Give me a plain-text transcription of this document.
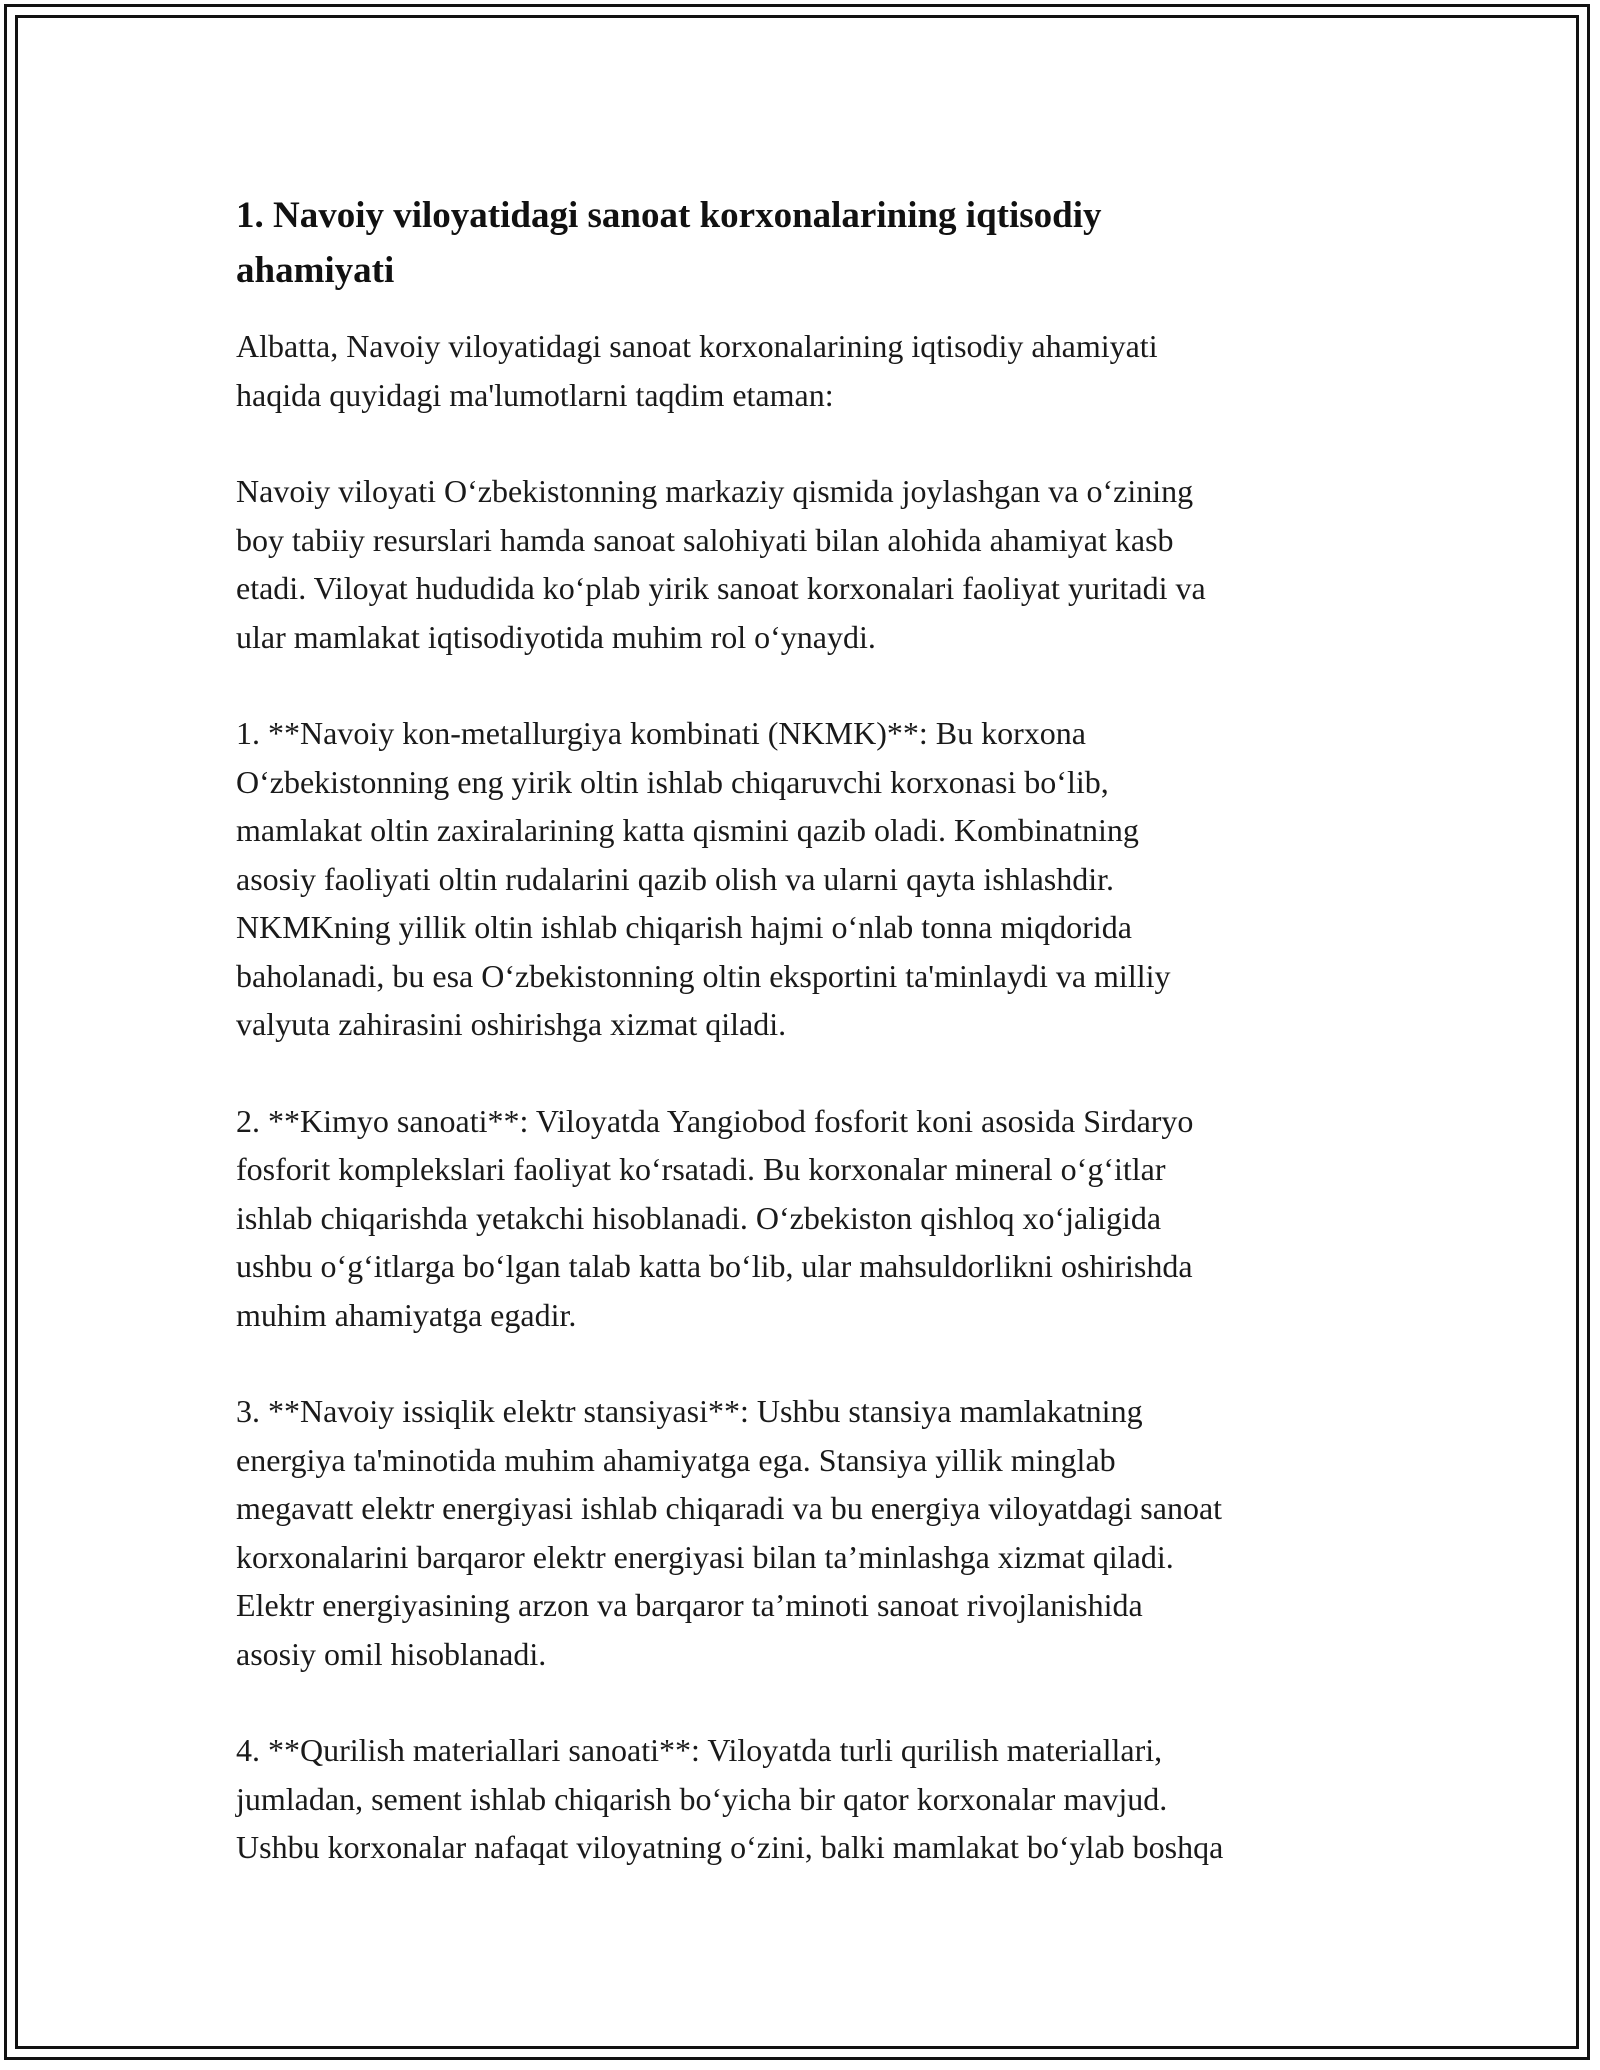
1. Navoiy viloyatidagi sanoat korxonalarining iqtisodiy
ahamiyati

Albatta, Navoiy viloyatidagi sanoat korxonalarining iqtisodiy ahamiyati
haqida quyidagi ma'lumotlarni taqdim etaman:

Navoiy viloyati O‘zbekistonning markaziy qismida joylashgan va o‘zining
boy tabiiy resurslari hamda sanoat salohiyati bilan alohida ahamiyat kasb
etadi. Viloyat hududida ko‘plab yirik sanoat korxonalari faoliyat yuritadi va
ular mamlakat iqtisodiyotida muhim rol o‘ynaydi.

1. **Navoiy kon-metallurgiya kombinati (NKMK)**: Bu korxona
O‘zbekistonning eng yirik oltin ishlab chiqaruvchi korxonasi bo‘lib,
mamlakat oltin zaxiralarining katta qismini qazib oladi. Kombinatning
asosiy faoliyati oltin rudalarini qazib olish va ularni qayta ishlashdir.
NKMKning yillik oltin ishlab chiqarish hajmi o‘nlab tonna miqdorida
baholanadi, bu esa O‘zbekistonning oltin eksportini ta'minlaydi va milliy
valyuta zahirasini oshirishga xizmat qiladi.

2. **Kimyo sanoati**: Viloyatda Yangiobod fosforit koni asosida Sirdaryo
fosforit komplekslari faoliyat ko‘rsatadi. Bu korxonalar mineral o‘g‘itlar
ishlab chiqarishda yetakchi hisoblanadi. O‘zbekiston qishloq xo‘jaligida
ushbu o‘g‘itlarga bo‘lgan talab katta bo‘lib, ular mahsuldorlikni oshirishda
muhim ahamiyatga egadir.

3. **Navoiy issiqlik elektr stansiyasi**: Ushbu stansiya mamlakatning
energiya ta'minotida muhim ahamiyatga ega. Stansiya yillik minglab
megavatt elektr energiyasi ishlab chiqaradi va bu energiya viloyatdagi sanoat
korxonalarini barqaror elektr energiyasi bilan ta’minlashga xizmat qiladi.
Elektr energiyasining arzon va barqaror ta’minoti sanoat rivojlanishida
asosiy omil hisoblanadi.

4. **Qurilish materiallari sanoati**: Viloyatda turli qurilish materiallari,
jumladan, sement ishlab chiqarish bo‘yicha bir qator korxonalar mavjud.
Ushbu korxonalar nafaqat viloyatning o‘zini, balki mamlakat bo‘ylab boshqa
